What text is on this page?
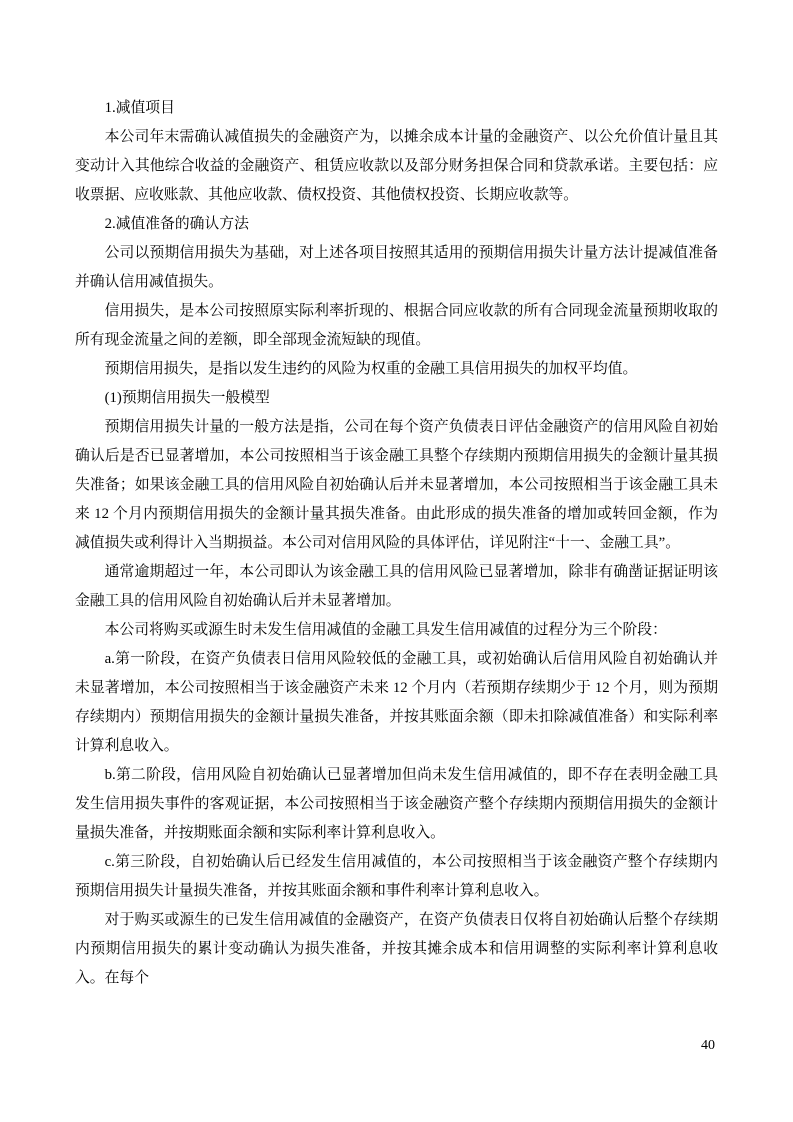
1.减值项目

本公司年末需确认减值损失的金融资产为，以摊余成本计量的金融资产、以公允价值计量且其变动计入其他综合收益的金融资产、租赁应收款以及部分财务担保合同和贷款承诺。主要包括：应收票据、应收账款、其他应收款、债权投资、其他债权投资、长期应收款等。

2.减值准备的确认方法

公司以预期信用损失为基础，对上述各项目按照其适用的预期信用损失计量方法计提减值准备并确认信用减值损失。

信用损失，是本公司按照原实际利率折现的、根据合同应收款的所有合同现金流量预期收取的所有现金流量之间的差额，即全部现金流短缺的现值。

预期信用损失，是指以发生违约的风险为权重的金融工具信用损失的加权平均值。

(1)预期信用损失一般模型

预期信用损失计量的一般方法是指，公司在每个资产负债表日评估金融资产的信用风险自初始确认后是否已显著增加，本公司按照相当于该金融工具整个存续期内预期信用损失的金额计量其损失准备；如果该金融工具的信用风险自初始确认后并未显著增加，本公司按照相当于该金融工具未来 12 个月内预期信用损失的金额计量其损失准备。由此形成的损失准备的增加或转回金额，作为减值损失或利得计入当期损益。本公司对信用风险的具体评估，详见附注“十一、金融工具”。

通常逾期超过一年，本公司即认为该金融工具的信用风险已显著增加，除非有确凿证据证明该金融工具的信用风险自初始确认后并未显著增加。

本公司将购买或源生时未发生信用减值的金融工具发生信用减值的过程分为三个阶段：

a.第一阶段，在资产负债表日信用风险较低的金融工具，或初始确认后信用风险自初始确认并未显著增加，本公司按照相当于该金融资产未来 12 个月内（若预期存续期少于 12 个月，则为预期存续期内）预期信用损失的金额计量损失准备，并按其账面余额（即未扣除减值准备）和实际利率计算利息收入。

b.第二阶段，信用风险自初始确认已显著增加但尚未发生信用减值的，即不存在表明金融工具发生信用损失事件的客观证据，本公司按照相当于该金融资产整个存续期内预期信用损失的金额计量损失准备，并按期账面余额和实际利率计算利息收入。

c.第三阶段，自初始确认后已经发生信用减值的，本公司按照相当于该金融资产整个存续期内预期信用损失计量损失准备，并按其账面余额和事件利率计算利息收入。

对于购买或源生的已发生信用减值的金融资产，在资产负债表日仅将自初始确认后整个存续期内预期信用损失的累计变动确认为损失准备，并按其摊余成本和信用调整的实际利率计算利息收入。在每个

40
